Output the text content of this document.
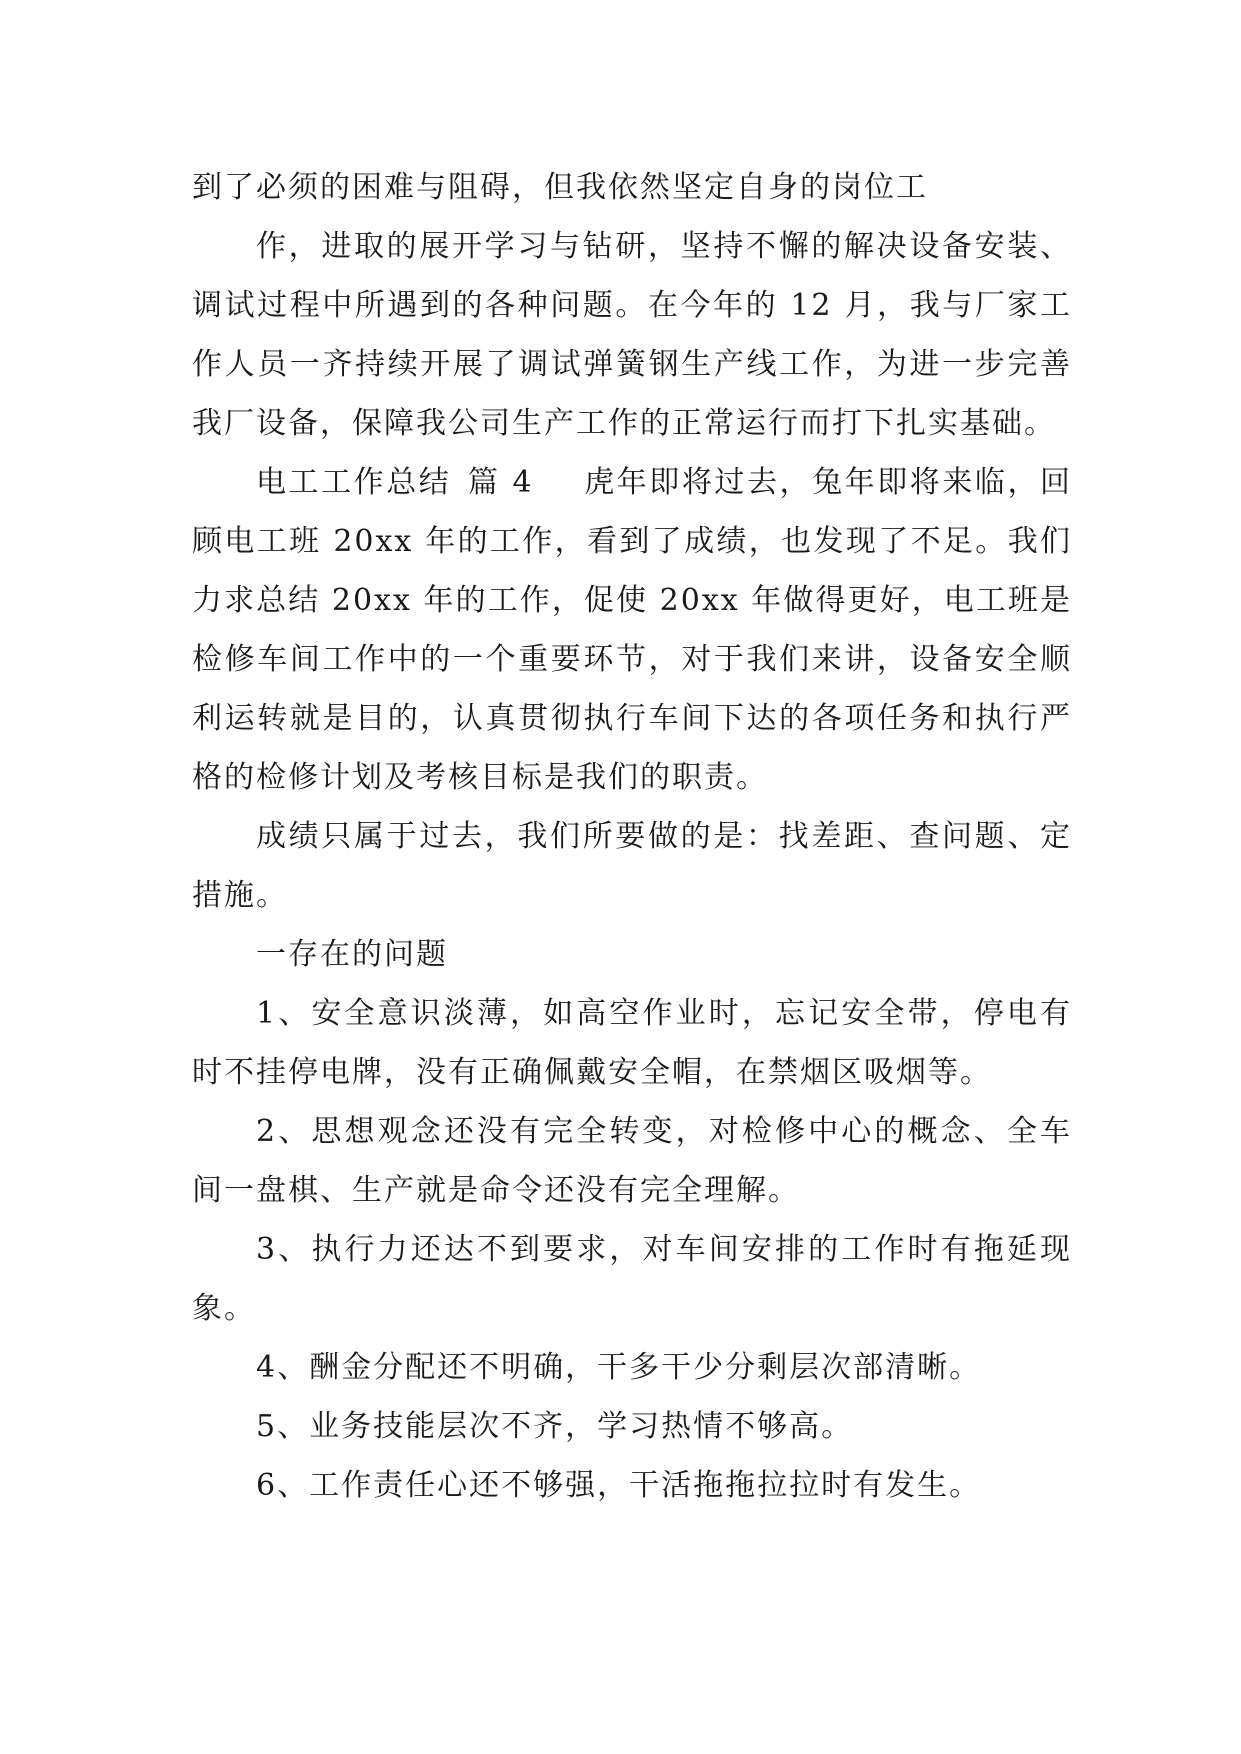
到了必须的困难与阻碍，但我依然坚定自身的岗位工

作，进取的展开学习与钻研，坚持不懈的解决设备安装、调试过程中所遇到的各种问题。在今年的 12 月，我与厂家工作人员一齐持续开展了调试弹簧钢生产线工作，为进一步完善我厂设备，保障我公司生产工作的正常运行而打下扎实基础。

电工工作总结 篇 4 虎年即将过去，兔年即将来临，回顾电工班 20xx 年的工作，看到了成绩，也发现了不足。我们力求总结 20xx 年的工作，促使 20xx 年做得更好，电工班是检修车间工作中的一个重要环节，对于我们来讲，设备安全顺利运转就是目的，认真贯彻执行车间下达的各项任务和执行严格的检修计划及考核目标是我们的职责。

成绩只属于过去，我们所要做的是：找差距、查问题、定措施。

一存在的问题

1、安全意识淡薄，如高空作业时，忘记安全带，停电有时不挂停电牌，没有正确佩戴安全帽，在禁烟区吸烟等。

2、思想观念还没有完全转变，对检修中心的概念、全车间一盘棋、生产就是命令还没有完全理解。

3、执行力还达不到要求，对车间安排的工作时有拖延现象。

4、酬金分配还不明确，干多干少分剩层次部清晰。

5、业务技能层次不齐，学习热情不够高。

6、工作责任心还不够强，干活拖拖拉拉时有发生。
